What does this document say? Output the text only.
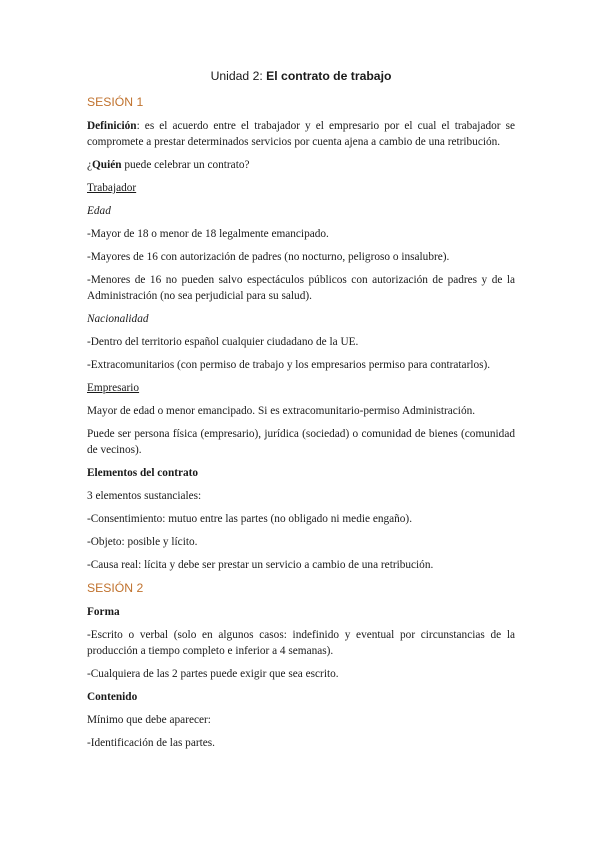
Unidad 2: El contrato de trabajo
SESIÓN 1

Definición: es el acuerdo entre el trabajador y el empresario por el cual el trabajador se compromete a prestar determinados servicios por cuenta ajena a cambio de una retribución.

¿Quién puede celebrar un contrato?

Trabajador

Edad

-Mayor de 18 o menor de 18 legalmente emancipado.

-Mayores de 16 con autorización de padres (no nocturno, peligroso o insalubre).

-Menores de 16 no pueden salvo espectáculos públicos con autorización de padres y de la Administración (no sea perjudicial para su salud).

Nacionalidad

-Dentro del territorio español cualquier ciudadano de la UE.

-Extracomunitarios (con permiso de trabajo y los empresarios permiso para contratarlos).

Empresario

Mayor de edad o menor emancipado. Si es extracomunitario-permiso Administración.

Puede ser persona física (empresario), jurídica (sociedad) o comunidad de bienes (comunidad de vecinos).

Elementos del contrato

3 elementos sustanciales:

-Consentimiento: mutuo entre las partes (no obligado ni medie engaño).

-Objeto: posible y lícito.

-Causa real: lícita y debe ser prestar un servicio a cambio de una retribución.

SESIÓN 2

Forma

-Escrito o verbal (solo en algunos casos: indefinido y eventual por circunstancias de la producción a tiempo completo e inferior a 4 semanas).

-Cualquiera de las 2 partes puede exigir que sea escrito.

Contenido

Mínimo que debe aparecer:

-Identificación de las partes.
